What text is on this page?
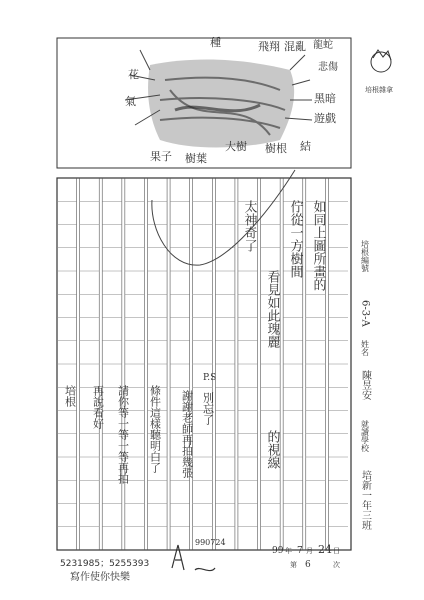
種	飛翔 混亂 龍蛇
悲傷
黑暗
遊戲
大樹 樹根
樹葉
結
果子
氣
花
培根雜拿
培根編號
6-3-A
姓名
陳昱安
就讀學校
培新一年三班
如同上圖所畫的
佇從一方樹間
看見如此瑰麗
的視線
太神奇了
P.S
別忘了
謝謝老師再拍幾張
條件這樣聽明白了
請你等一等一等再拍
再說看好
培根
5231985；5255393
寫作使你快樂
990724
99 年 7 月 24 日
第 6	次
